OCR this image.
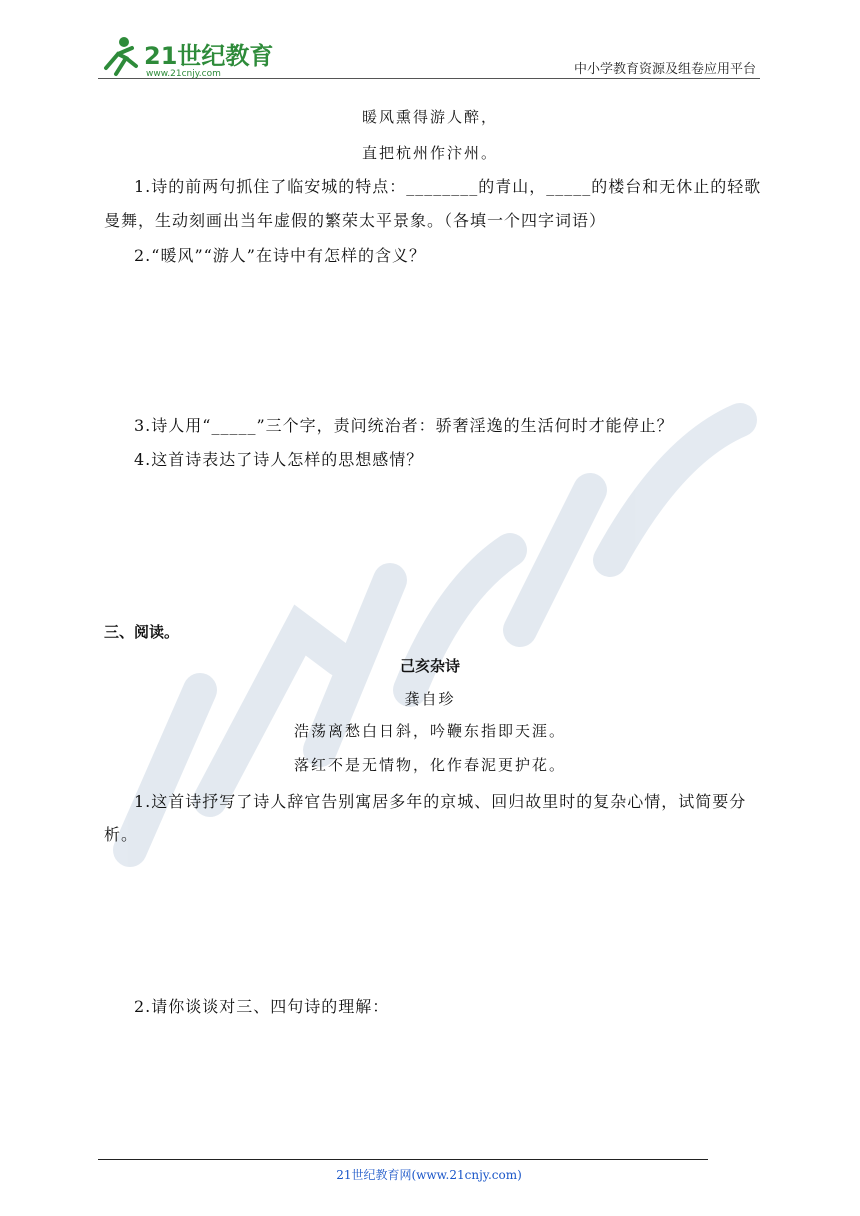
21世纪教育
www.21cnjy.com	中小学教育资源及组卷应用平台
暖风熏得游人醉，
直把杭州作汴州。
1.诗的前两句抓住了临安城的特点：________的青山，_____的楼台和无休止的轻歌
曼舞，生动刻画出当年虚假的繁荣太平景象。（各填一个四字词语）
2.“暖风”“游人”在诗中有怎样的含义？
3.诗人用“_____”三个字，责问统治者：骄奢淫逸的生活何时才能停止？
4.这首诗表达了诗人怎样的思想感情？
三、阅读。
己亥杂诗
龚自珍
浩荡离愁白日斜，吟鞭东指即天涯。
落红不是无情物，化作春泥更护花。
1.这首诗抒写了诗人辞官告别寓居多年的京城、回归故里时的复杂心情，试简要分
析。
2.请你谈谈对三、四句诗的理解：
21世纪教育网(www.21cnjy.com)
